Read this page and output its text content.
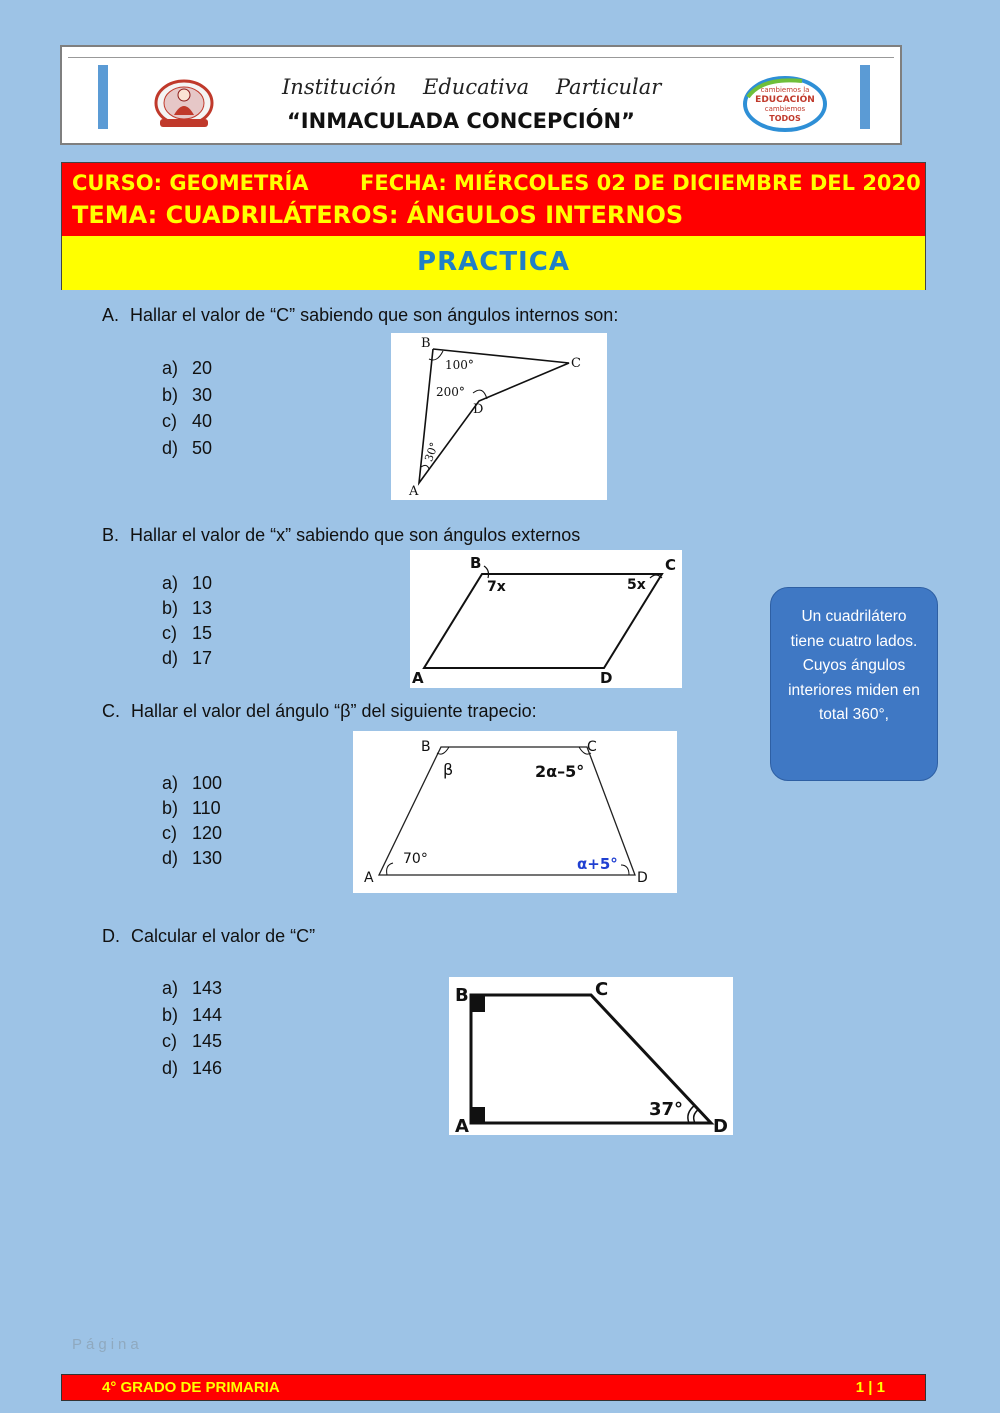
Institución Educativa Particular
“INMACULADA CONCEPCIÓN”
cambiemos la
EDUCACIÓN
cambiemos
TODOS
CURSO: GEOMETRÍA FECHA: MIÉRCOLES 02 DE DICIEMBRE DEL 2020
TEMA: CUADRILÁTEROS: ÁNGULOS INTERNOS
PRACTICA
A. Hallar el valor de “C” sabiendo que son ángulos internos son:
a) 20
b) 30
c) 40
d) 50
B
C
D
A
100°
200°
30°
B. Hallar el valor de “x” sabiendo que son ángulos externos
a) 10
b) 13
c) 15
d) 17
B	C
A	D
7x	5x
C. Hallar el valor del ángulo “β” del siguiente trapecio:
a) 100
b) 110
c) 120
d) 130
B	C
A	D
β	2α–5°
70°	α+5°
Un cuadrilátero tiene cuatro lados. Cuyos ángulos interiores miden en total 360°,
D. Calcular el valor de “C”
a) 143
b) 144
c) 145
d) 146
B	C
A	D
37°
Página
4° GRADO DE PRIMARIA	1 | 1
